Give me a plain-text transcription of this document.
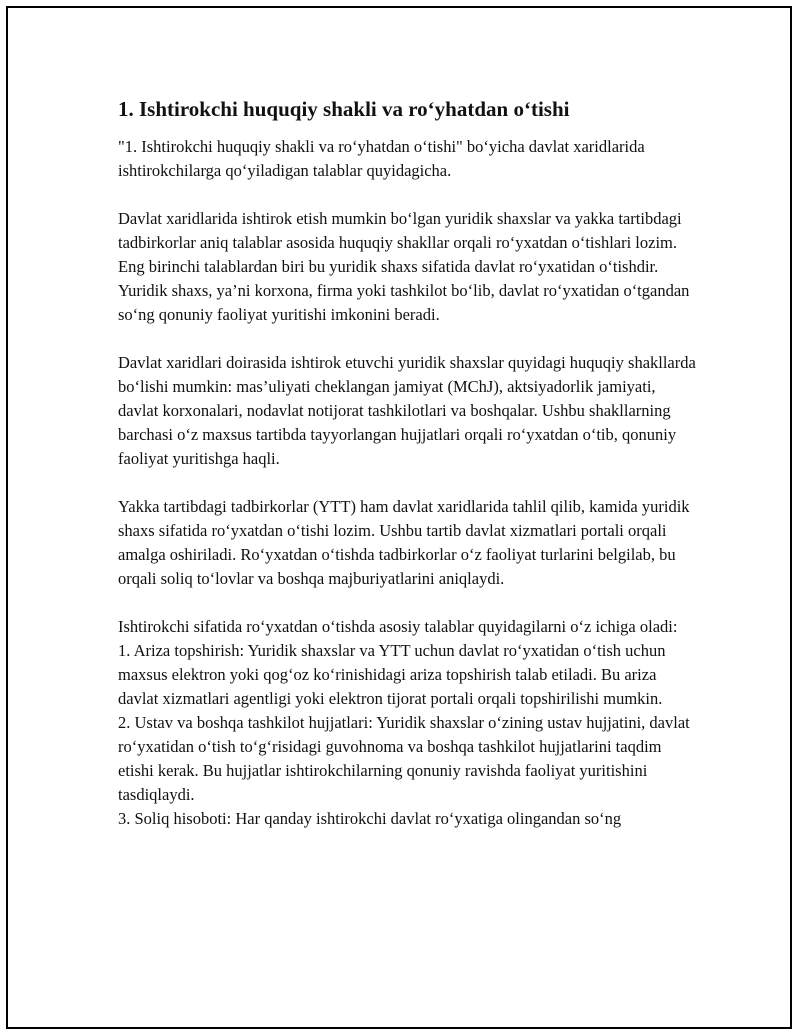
1. Ishtirokchi huquqiy shakli va ro‘yhatdan o‘tishi

"1. Ishtirokchi huquqiy shakli va ro‘yhatdan o‘tishi" bo‘yicha davlat xaridlarida ishtirokchilarga qo‘yiladigan talablar quyidagicha.

Davlat xaridlarida ishtirok etish mumkin bo‘lgan yuridik shaxslar va yakka tartibdagi tadbirkorlar aniq talablar asosida huquqiy shakllar orqali ro‘yxatdan o‘tishlari lozim. Eng birinchi talablardan biri bu yuridik shaxs sifatida davlat ro‘yxatidan o‘tishdir. Yuridik shaxs, ya’ni korxona, firma yoki tashkilot bo‘lib, davlat ro‘yxatidan o‘tgandan so‘ng qonuniy faoliyat yuritishi imkonini beradi.

Davlat xaridlari doirasida ishtirok etuvchi yuridik shaxslar quyidagi huquqiy shakllarda bo‘lishi mumkin: mas’uliyati cheklangan jamiyat (MChJ), aktsiyadorlik jamiyati, davlat korxonalari, nodavlat notijorat tashkilotlari va boshqalar. Ushbu shakllarning barchasi o‘z maxsus tartibda tayyorlangan hujjatlari orqali ro‘yxatdan o‘tib, qonuniy faoliyat yuritishga haqli.

Yakka tartibdagi tadbirkorlar (YTT) ham davlat xaridlarida tahlil qilib, kamida yuridik shaxs sifatida ro‘yxatdan o‘tishi lozim. Ushbu tartib davlat xizmatlari portali orqali amalga oshiriladi. Ro‘yxatdan o‘tishda tadbirkorlar o‘z faoliyat turlarini belgilab, bu orqali soliq to‘lovlar va boshqa majburiyatlarini aniqlaydi.

Ishtirokchi sifatida ro‘yxatdan o‘tishda asosiy talablar quyidagilarni o‘z ichiga oladi:

1. Ariza topshirish: Yuridik shaxslar va YTT uchun davlat ro‘yxatidan o‘tish uchun maxsus elektron yoki qog‘oz ko‘rinishidagi ariza topshirish talab etiladi. Bu ariza davlat xizmatlari agentligi yoki elektron tijorat portali orqali topshirilishi mumkin.

2. Ustav va boshqa tashkilot hujjatlari: Yuridik shaxslar o‘zining ustav hujjatini, davlat ro‘yxatidan o‘tish to‘g‘risidagi guvohnoma va boshqa tashkilot hujjatlarini taqdim etishi kerak. Bu hujjatlar ishtirokchilarning qonuniy ravishda faoliyat yuritishini tasdiqlaydi.

3. Soliq hisoboti: Har qanday ishtirokchi davlat ro‘yxatiga olingandan so‘ng
